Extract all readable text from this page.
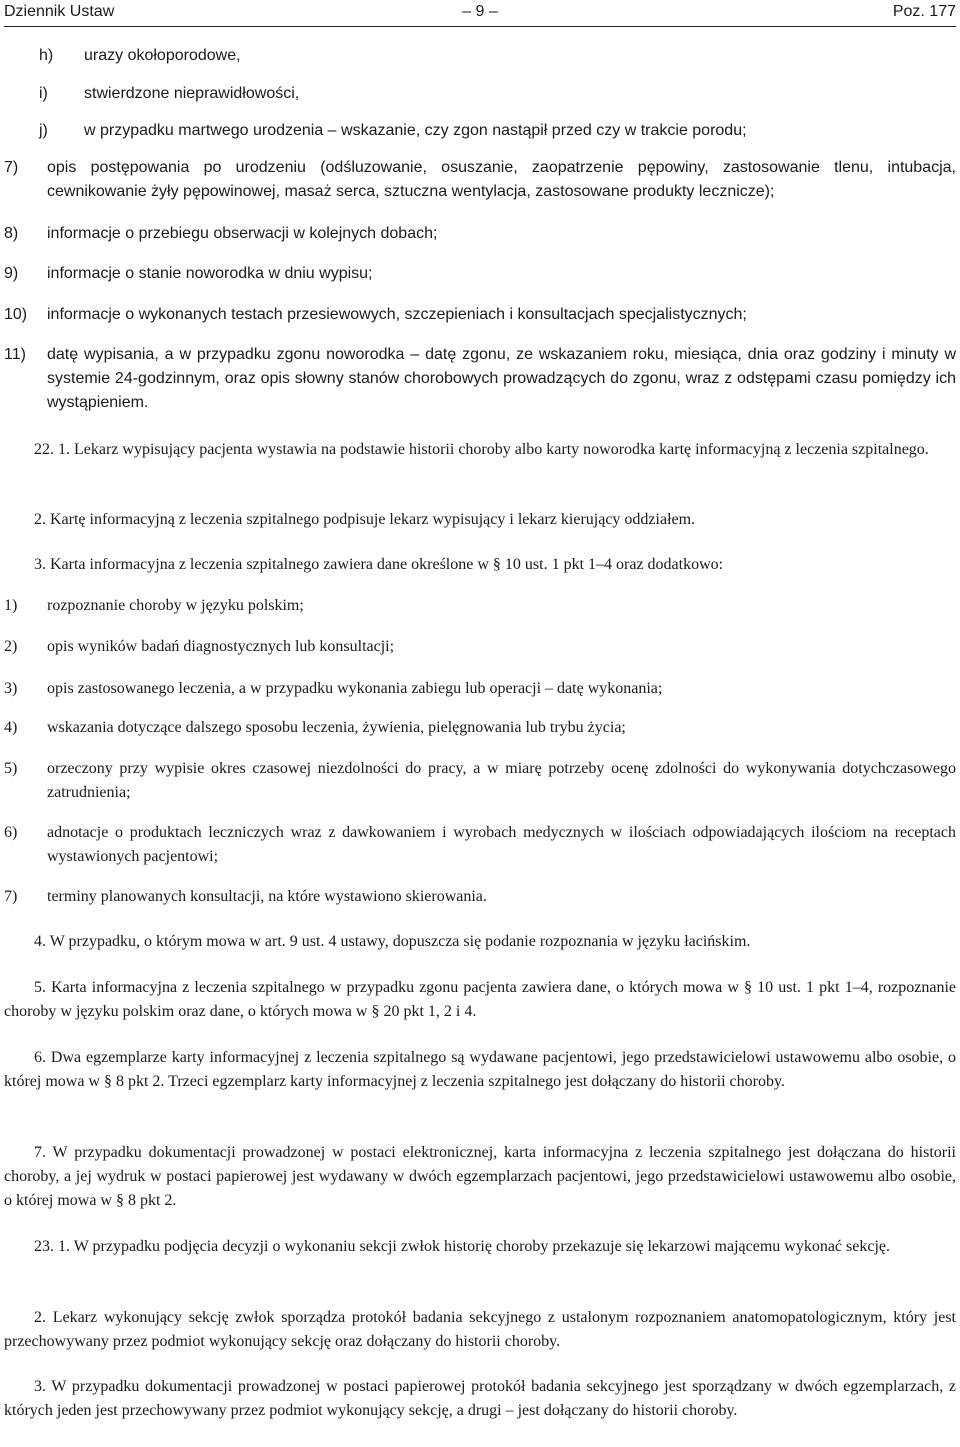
Dziennik Ustaw	– 9 –	Poz. 177
h) urazy okołoporodowe,
i) stwierdzone nieprawidłowości,
j) w przypadku martwego urodzenia – wskazanie, czy zgon nastąpił przed czy w trakcie porodu;
7) opis postępowania po urodzeniu (odśluzowanie, osuszanie, zaopatrzenie pępowiny, zastosowanie tlenu, intubacja, cewnikowanie żyły pępowinowej, masaż serca, sztuczna wentylacja, zastosowane produkty lecznicze);
8) informacje o przebiegu obserwacji w kolejnych dobach;
9) informacje o stanie noworodka w dniu wypisu;
10) informacje o wykonanych testach przesiewowych, szczepieniach i konsultacjach specjalistycznych;
11) datę wypisania, a w przypadku zgonu noworodka – datę zgonu, ze wskazaniem roku, miesiąca, dnia oraz godziny i minuty w systemie 24-godzinnym, oraz opis słowny stanów chorobowych prowadzących do zgonu, wraz z odstępami czasu pomiędzy ich wystąpieniem.
22. 1. Lekarz wypisujący pacjenta wystawia na podstawie historii choroby albo karty noworodka kartę informacyjną z leczenia szpitalnego.
2. Kartę informacyjną z leczenia szpitalnego podpisuje lekarz wypisujący i lekarz kierujący oddziałem.
3. Karta informacyjna z leczenia szpitalnego zawiera dane określone w § 10 ust. 1 pkt 1–4 oraz dodatkowo:
1) rozpoznanie choroby w języku polskim;
2) opis wyników badań diagnostycznych lub konsultacji;
3) opis zastosowanego leczenia, a w przypadku wykonania zabiegu lub operacji – datę wykonania;
4) wskazania dotyczące dalszego sposobu leczenia, żywienia, pielęgnowania lub trybu życia;
5) orzeczony przy wypisie okres czasowej niezdolności do pracy, a w miarę potrzeby ocenę zdolności do wykonywania dotychczasowego zatrudnienia;
6) adnotacje o produktach leczniczych wraz z dawkowaniem i wyrobach medycznych w ilościach odpowiadających ilościom na receptach wystawionych pacjentowi;
7) terminy planowanych konsultacji, na które wystawiono skierowania.
4. W przypadku, o którym mowa w art. 9 ust. 4 ustawy, dopuszcza się podanie rozpoznania w języku łacińskim.
5. Karta informacyjna z leczenia szpitalnego w przypadku zgonu pacjenta zawiera dane, o których mowa w § 10 ust. 1 pkt 1–4, rozpoznanie choroby w języku polskim oraz dane, o których mowa w § 20 pkt 1, 2 i 4.
6. Dwa egzemplarze karty informacyjnej z leczenia szpitalnego są wydawane pacjentowi, jego przedstawicielowi ustawowemu albo osobie, o której mowa w § 8 pkt 2. Trzeci egzemplarz karty informacyjnej z leczenia szpitalnego jest dołączany do historii choroby.
7. W przypadku dokumentacji prowadzonej w postaci elektronicznej, karta informacyjna z leczenia szpitalnego jest dołączana do historii choroby, a jej wydruk w postaci papierowej jest wydawany w dwóch egzemplarzach pacjentowi, jego przedstawicielowi ustawowemu albo osobie, o której mowa w § 8 pkt 2.
23. 1. W przypadku podjęcia decyzji o wykonaniu sekcji zwłok historię choroby przekazuje się lekarzowi mającemu wykonać sekcję.
2. Lekarz wykonujący sekcję zwłok sporządza protokół badania sekcyjnego z ustalonym rozpoznaniem anatomopatologicznym, który jest przechowywany przez podmiot wykonujący sekcję oraz dołączany do historii choroby.
3. W przypadku dokumentacji prowadzonej w postaci papierowej protokół badania sekcyjnego jest sporządzany w dwóch egzemplarzach, z których jeden jest przechowywany przez podmiot wykonujący sekcję, a drugi – jest dołączany do historii choroby.
